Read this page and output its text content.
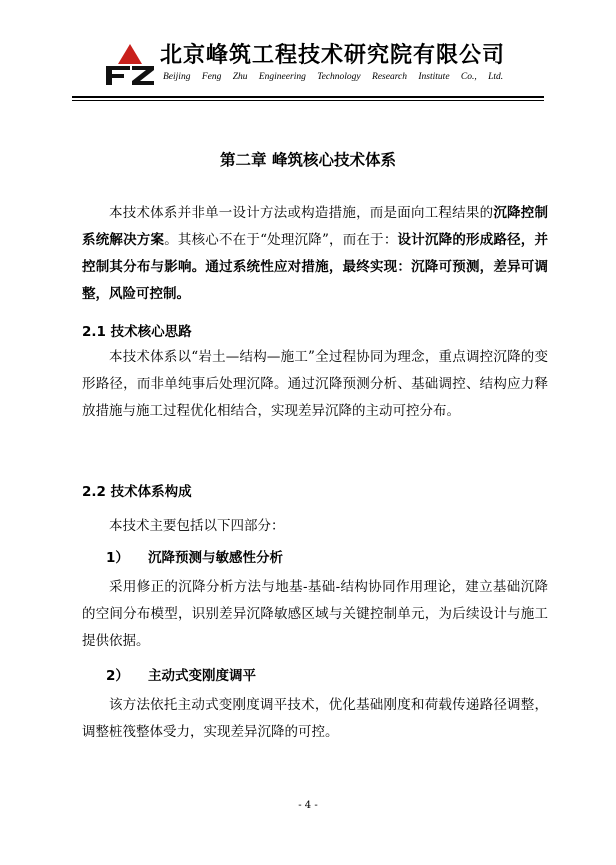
北京峰筑工程技术研究院有限公司
Beijing Feng Zhu Engineering Technology Research Institute Co., Ltd.
第二章 峰筑核心技术体系
本技术体系并非单一设计方法或构造措施，而是面向工程结果的沉降控制系统解决方案。其核心不在于“处理沉降”，而在于：设计沉降的形成路径，并控制其分布与影响。通过系统性应对措施，最终实现：沉降可预测，差异可调整，风险可控制。
2.1 技术核心思路
本技术体系以“岩土—结构—施工”全过程协同为理念，重点调控沉降的变形路径，而非单纯事后处理沉降。通过沉降预测分析、基础调控、结构应力释放措施与施工过程优化相结合，实现差异沉降的主动可控分布。
2.2 技术体系构成
本技术主要包括以下四部分：
1） 沉降预测与敏感性分析
采用修正的沉降分析方法与地基-基础-结构协同作用理论，建立基础沉降的空间分布模型，识别差异沉降敏感区域与关键控制单元，为后续设计与施工提供依据。
2） 主动式变刚度调平
该方法依托主动式变刚度调平技术，优化基础刚度和荷载传递路径调整，调整桩筏整体受力，实现差异沉降的可控。
- 4 -
